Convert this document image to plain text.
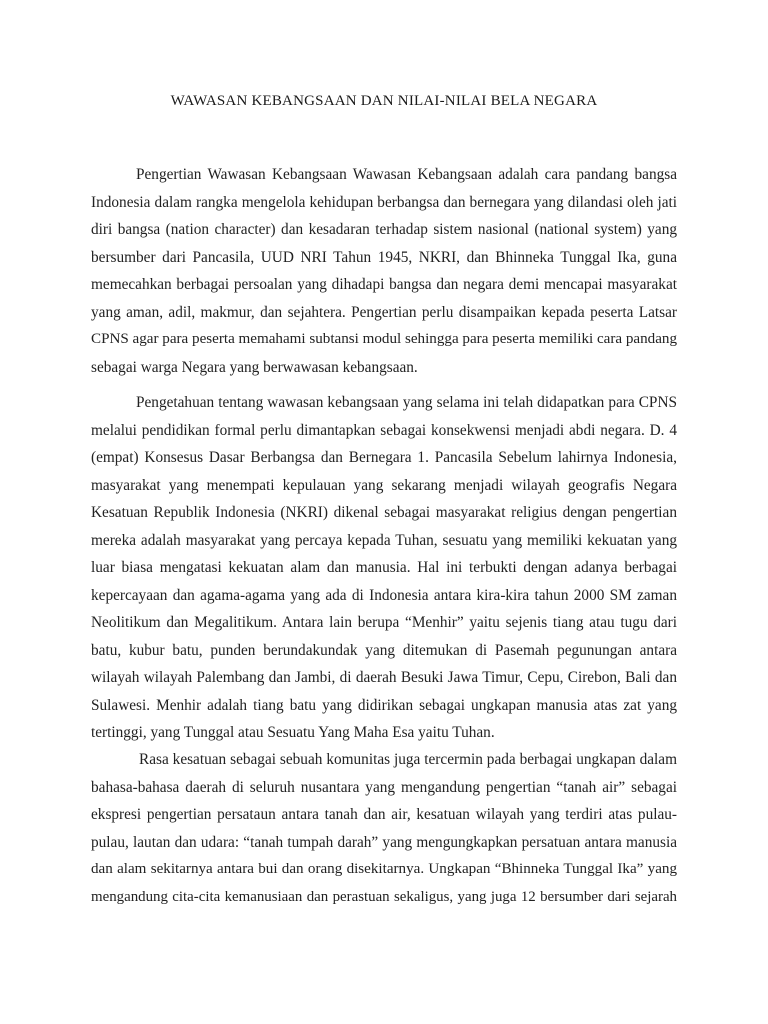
WAWASAN KEBANGSAAN DAN NILAI-NILAI BELA NEGARA
Pengertian Wawasan Kebangsaan Wawasan Kebangsaan adalah cara pandang bangsa
Indonesia dalam rangka mengelola kehidupan berbangsa dan bernegara yang dilandasi oleh jati
diri bangsa (nation character) dan kesadaran terhadap sistem nasional (national system) yang
bersumber dari Pancasila, UUD NRI Tahun 1945, NKRI, dan Bhinneka Tunggal Ika, guna
memecahkan berbagai persoalan yang dihadapi bangsa dan negara demi mencapai masyarakat
yang aman, adil, makmur, dan sejahtera. Pengertian perlu disampaikan kepada peserta Latsar
CPNS agar para peserta memahami subtansi modul sehingga para peserta memiliki cara pandang
sebagai warga Negara yang berwawasan kebangsaan.
Pengetahuan tentang wawasan kebangsaan yang selama ini telah didapatkan para CPNS
melalui pendidikan formal perlu dimantapkan sebagai konsekwensi menjadi abdi negara. D. 4
(empat) Konsesus Dasar Berbangsa dan Bernegara 1. Pancasila Sebelum lahirnya Indonesia,
masyarakat yang menempati kepulauan yang sekarang menjadi wilayah geografis Negara
Kesatuan Republik Indonesia (NKRI) dikenal sebagai masyarakat religius dengan pengertian
mereka adalah masyarakat yang percaya kepada Tuhan, sesuatu yang memiliki kekuatan yang
luar biasa mengatasi kekuatan alam dan manusia. Hal ini terbukti dengan adanya berbagai
kepercayaan dan agama-agama yang ada di Indonesia antara kira-kira tahun 2000 SM zaman
Neolitikum dan Megalitikum. Antara lain berupa “Menhir” yaitu sejenis tiang atau tugu dari
batu, kubur batu, punden berundakundak yang ditemukan di Pasemah pegunungan antara
wilayah wilayah Palembang dan Jambi, di daerah Besuki Jawa Timur, Cepu, Cirebon, Bali dan
Sulawesi. Menhir adalah tiang batu yang didirikan sebagai ungkapan manusia atas zat yang
tertinggi, yang Tunggal atau Sesuatu Yang Maha Esa yaitu Tuhan.
Rasa kesatuan sebagai sebuah komunitas juga tercermin pada berbagai ungkapan dalam
bahasa-bahasa daerah di seluruh nusantara yang mengandung pengertian “tanah air” sebagai
ekspresi pengertian persataun antara tanah dan air, kesatuan wilayah yang terdiri atas pulau-
pulau, lautan dan udara: “tanah tumpah darah” yang mengungkapkan persatuan antara manusia
dan alam sekitarnya antara bui dan orang disekitarnya. Ungkapan “Bhinneka Tunggal Ika” yang
mengandung cita-cita kemanusiaan dan perastuan sekaligus, yang juga 12 bersumber dari sejarah
